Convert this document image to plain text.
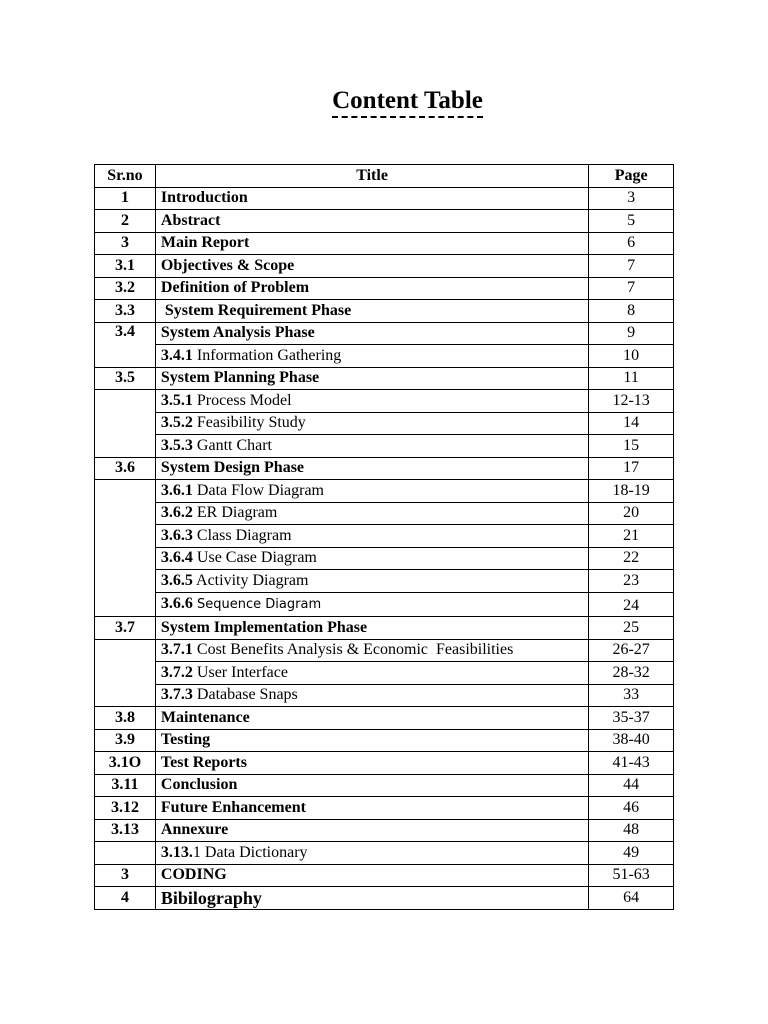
Content Table
Sr.no	Title	Page
1	Introduction	3
2	Abstract	5
3	Main Report	6
3.1	Objectives & Scope	7
3.2	Definition of Problem	7
3.3	System Requirement Phase	8
3.4	System Analysis Phase	9
	3.4.1 Information Gathering	10
3.5	System Planning Phase	11
	3.5.1 Process Model	12-13
	3.5.2 Feasibility Study	14
	3.5.3 Gantt Chart	15
3.6	System Design Phase	17
	3.6.1 Data Flow Diagram	18-19
	3.6.2 ER Diagram	20
	3.6.3 Class Diagram	21
	3.6.4 Use Case Diagram	22
	3.6.5 Activity Diagram	23
	3.6.6 Sequence Diagram	24
3.7	System Implementation Phase	25
	3.7.1 Cost Benefits Analysis & Economic  Feasibilities	26-27
	3.7.2 User Interface	28-32
	3.7.3 Database Snaps	33
3.8	Maintenance	35-37
3.9	Testing	38-40
3.1O	Test Reports	41-43
3.11	Conclusion	44
3.12	Future Enhancement	46
3.13	Annexure	48
	3.13.1 Data Dictionary	49
3	CODING	51-63
4	Bibilography	64
